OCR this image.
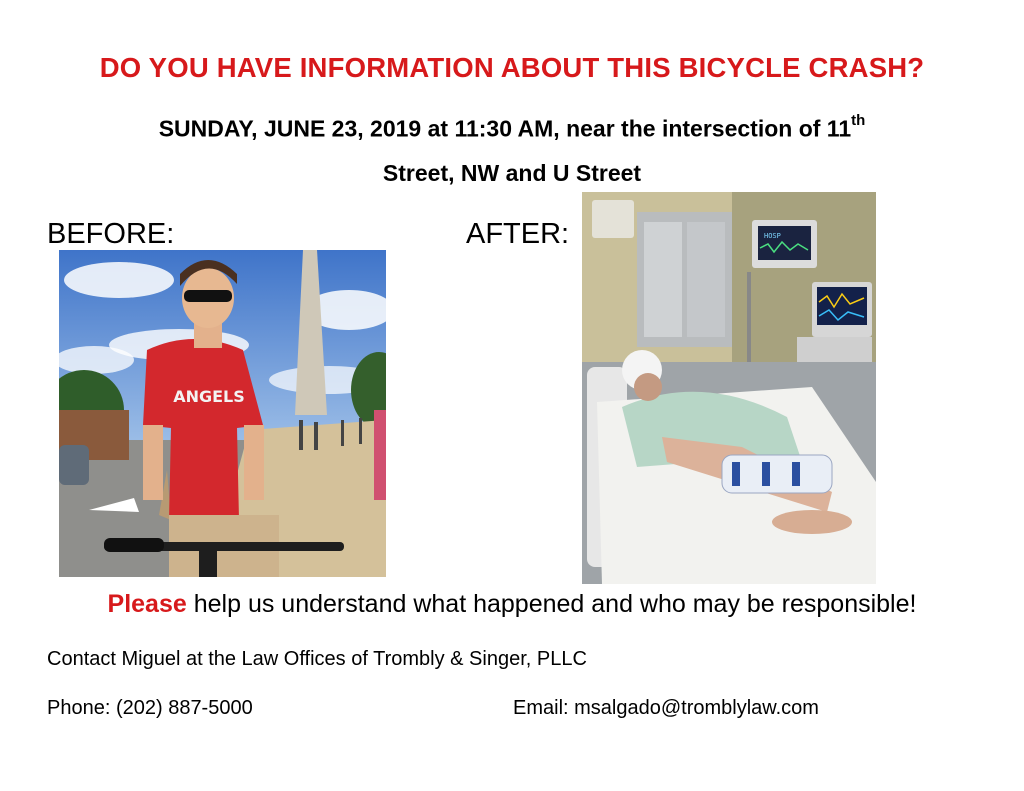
DO YOU HAVE INFORMATION ABOUT THIS BICYCLE CRASH?
SUNDAY, JUNE 23, 2019 at 11:30 AM, near the intersection of 11th
Street, NW and U Street
BEFORE:	AFTER:
ANGELS
HOSP
Please help us understand what happened and who may be responsible!
Contact Miguel at the Law Offices of Trombly & Singer, PLLC
Phone: (202) 887-5000	Email: msalgado@tromblylaw.com
